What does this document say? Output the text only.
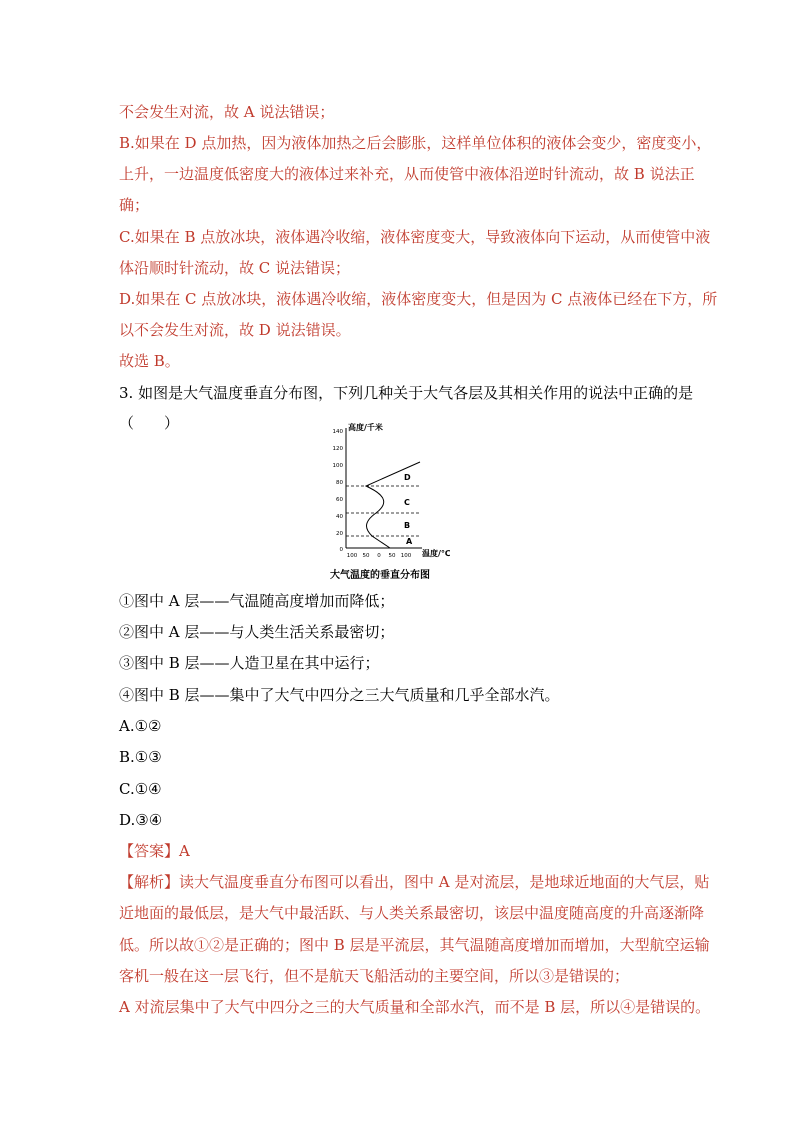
不会发生对流，故 A 说法错误；
B.如果在 D 点加热，因为液体加热之后会膨胀，这样单位体积的液体会变少，密度变小，
上升，一边温度低密度大的液体过来补充，从而使管中液体沿逆时针流动，故 B 说法正
确；
C.如果在 B 点放冰块，液体遇冷收缩，液体密度变大，导致液体向下运动，从而使管中液
体沿顺时针流动，故 C 说法错误；
D.如果在 C 点放冰块，液体遇冷收缩，液体密度变大，但是因为 C 点液体已经在下方，所
以不会发生对流，故 D 说法错误。
故选 B。
3. 如图是大气温度垂直分布图，下列几种关于大气各层及其相关作用的说法中正确的是
（　　）	高度/千米
140
120
100
80
60
40
20
0
D
C
B
A
100 50 0 50 100 温度/℃
大气温度的垂直分布图
①图中 A 层——气温随高度增加而降低；
②图中 A 层——与人类生活关系最密切；
③图中 B 层——人造卫星在其中运行；
④图中 B 层——集中了大气中四分之三大气质量和几乎全部水汽。
A.①②
B.①③
C.①④
D.③④
【答案】A
【解析】读大气温度垂直分布图可以看出，图中 A 是对流层，是地球近地面的大气层，贴
近地面的最低层，是大气中最活跃、与人类关系最密切，该层中温度随高度的升高逐渐降
低。所以故①②是正确的；图中 B 层是平流层，其气温随高度增加而增加，大型航空运输
客机一般在这一层飞行，但不是航天飞船活动的主要空间，所以③是错误的；
A 对流层集中了大气中四分之三的大气质量和全部水汽，而不是 B 层，所以④是错误的。
